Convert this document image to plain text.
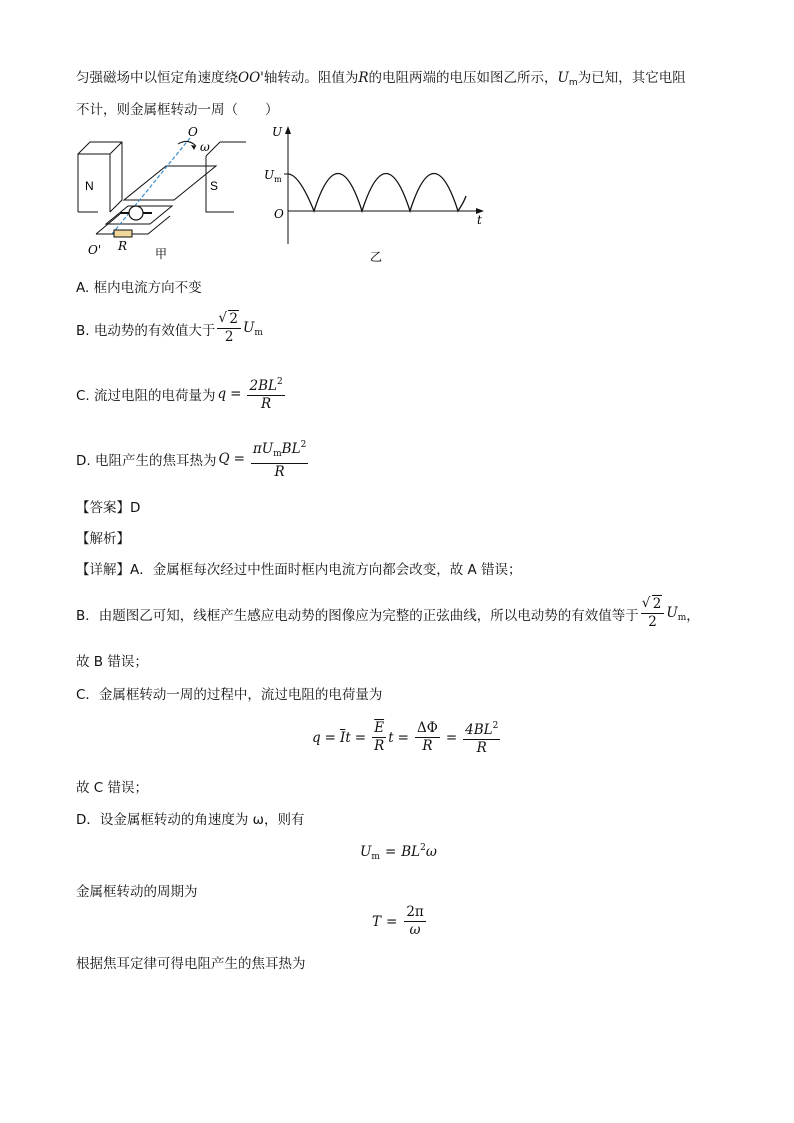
匀强磁场中以恒定角速度绕OO'轴转动。阻值为R的电阻两端的电压如图乙所示，$U_m$为已知，其它电阻
不计，则金属框转动一周（　　）
N	S
O
ω
O' R
甲
U
$U_m$
O	t
乙
A. 框内电流方向不变
B. 电动势的有效值大于 √ $\frac{2}{2} U_m$
C. 流过电阻的电荷量为 $q = \frac{2BL^2}{R}$
D. 电阻产生的焦耳热为 $Q = \frac{\pi U_mBL^2}{R}$
【答案】D
【解析】
【详解】A．金属框每次经过中性面时框内电流方向都会改变，故 A 错误；
B．由题图乙可知，线框产生感应电动势的图像应为完整的正弦曲线，所以电动势的有效值等于 √ $\frac{2}{2} U_m$ ，
故 B 错误；
C．金属框转动一周的过程中，流过电阻的电荷量为
$q = \overline{I}$ $t = \frac{\overline{E}}{R}$ $t = \frac{\Delta\Phi}{R} = \frac{4BL^2}{R}$
故 C 错误；
D．设金属框转动的角速度为 ω，则有
$U_m = BL^2\omega$
金属框转动的周期为
$T = \frac{2\pi}{\omega}$
根据焦耳定律可得电阻产生的焦耳热为
